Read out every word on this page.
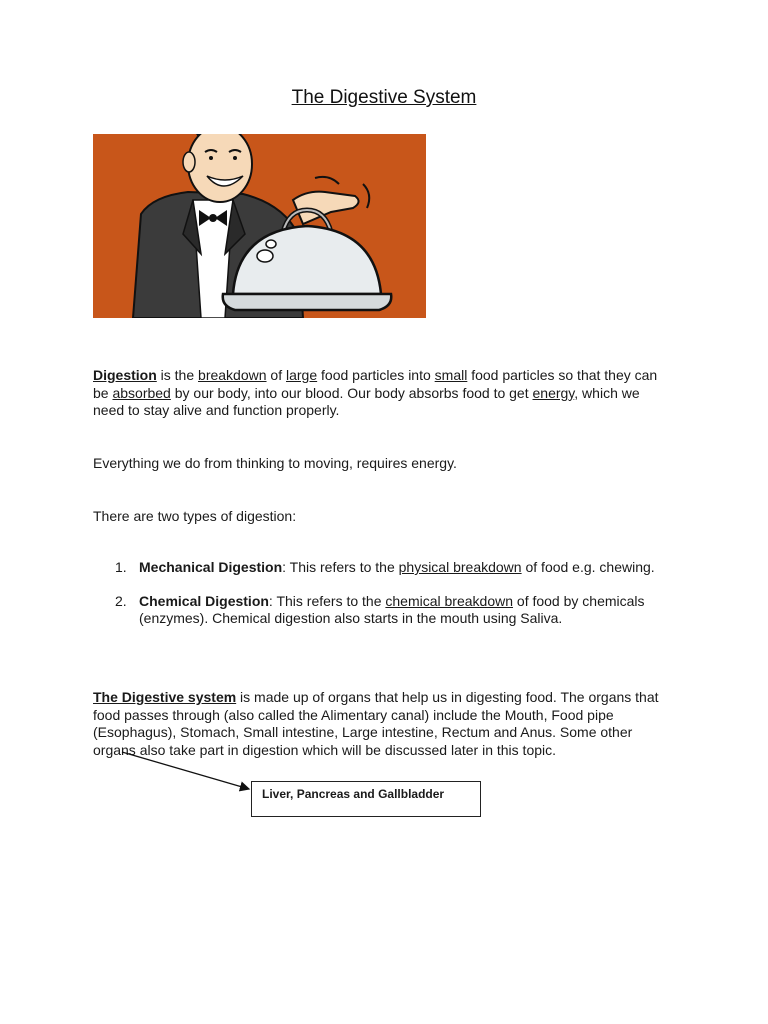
The Digestive System

Digestion is the breakdown of large food particles into small food particles so that they can be absorbed by our body, into our blood. Our body absorbs food to get energy, which we need to stay alive and function properly.

Everything we do from thinking to moving, requires energy.

There are two types of digestion:

1. Mechanical Digestion: This refers to the physical breakdown of food e.g. chewing.
2. Chemical Digestion: This refers to the chemical breakdown of food by chemicals (enzymes). Chemical digestion also starts in the mouth using Saliva.

The Digestive system is made up of organs that help us in digesting food. The organs that food passes through (also called the Alimentary canal) include the Mouth, Food pipe (Esophagus), Stomach, Small intestine, Large intestine, Rectum and Anus. Some other organs also take part in digestion which will be discussed later in this topic.

Liver, Pancreas and Gallbladder
